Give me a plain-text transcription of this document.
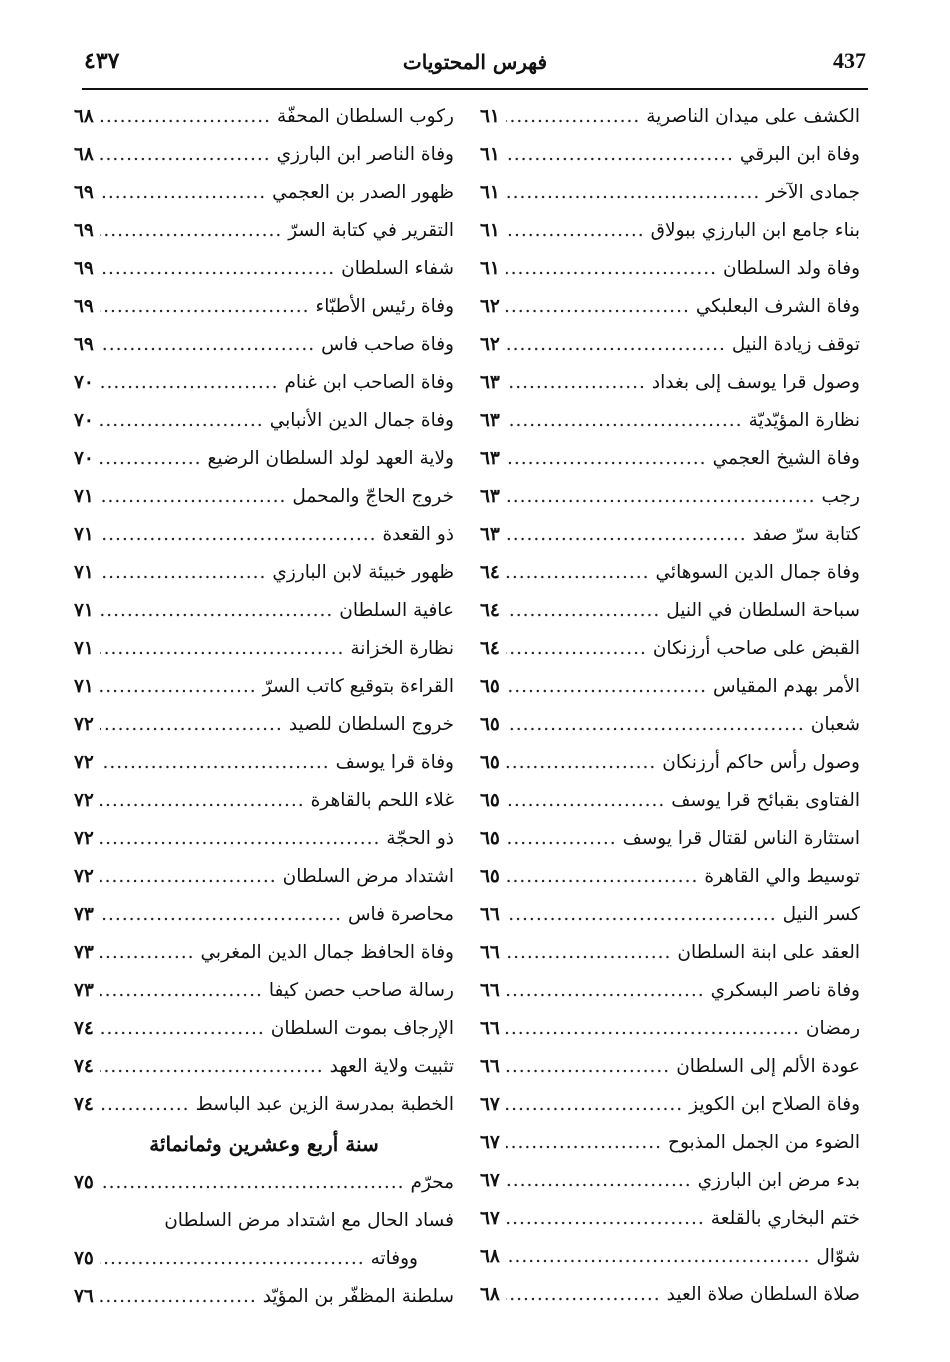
٤٣٧	فهرس المحتويات	437
الكشف على ميدان الناصرية
.....
٦١
وفاة ابن البرقي
.....
٦١
جمادى الآخر
.....
٦١
بناء جامع ابن البارزي ببولاق
.....
٦١
وفاة ولد السلطان
.....
٦١
وفاة الشرف البعلبكي
.....
٦٢
توقف زيادة النيل
.....
٦٢
وصول قرا يوسف إلى بغداد
.....
٦٣
نظارة المؤيّديّة
.....
٦٣
وفاة الشيخ العجمي
.....
٦٣
رجب
.....
٦٣
كتابة سرّ صفد
.....
٦٣
وفاة جمال الدين السوهائي
.....
٦٤
سباحة السلطان في النيل
.....
٦٤
القبض على صاحب أرزنكان
.....
٦٤
الأمر بهدم المقياس
.....
٦٥
شعبان
.....
٦٥
وصول رأس حاكم أرزنكان
.....
٦٥
الفتاوى بقبائح قرا يوسف
.....
٦٥
استثارة الناس لقتال قرا يوسف
.....
٦٥
توسيط والي القاهرة
.....
٦٥
كسر النيل
.....
٦٦
العقد على ابنة السلطان
.....
٦٦
وفاة ناصر البسكري
.....
٦٦
رمضان
.....
٦٦
عودة الألم إلى السلطان
.....
٦٦
وفاة الصلاح ابن الكويز
.....
٦٧
الضوء من الجمل المذبوح
.....
٦٧
بدء مرض ابن البارزي
.....
٦٧
ختم البخاري بالقلعة
.....
٦٧
شوّال
.....
٦٨
صلاة السلطان صلاة العيد
.....
٦٨
ركوب السلطان المحفّة
.....
٦٨
وفاة الناصر ابن البارزي
.....
٦٨
ظهور الصدر بن العجمي
.....
٦٩
التقرير في كتابة السرّ
.....
٦٩
شفاء السلطان
.....
٦٩
وفاة رئيس الأطبّاء
.....
٦٩
وفاة صاحب فاس
.....
٦٩
وفاة الصاحب ابن غنام
.....
٧٠
وفاة جمال الدين الأنبابي
.....
٧٠
ولاية العهد لولد السلطان الرضيع
.....
٧٠
خروج الحاجّ والمحمل
.....
٧١
ذو القعدة
.....
٧١
ظهور خبيئة لابن البارزي
.....
٧١
عافية السلطان
.....
٧١
نظارة الخزانة
.....
٧١
القراءة بتوقيع كاتب السرّ
.....
٧١
خروج السلطان للصيد
.....
٧٢
وفاة قرا يوسف
.....
٧٢
غلاء اللحم بالقاهرة
.....
٧٢
ذو الحجّة
.....
٧٢
اشتداد مرض السلطان
.....
٧٢
محاصرة فاس
.....
٧٣
وفاة الحافظ جمال الدين المغربي
.....
٧٣
رسالة صاحب حصن كيفا
.....
٧٣
الإرجاف بموت السلطان
.....
٧٤
تثبيت ولاية العهد
.....
٧٤
الخطبة بمدرسة الزين عبد الباسط
.....
٧٤
سنة أربع وعشرين وثمانمائة
محرّم
.....
٧٥
فساد الحال مع اشتداد مرض السلطان
ووفاته
.....
٧٥
سلطنة المظفّر بن المؤيّد
.....
٧٦
